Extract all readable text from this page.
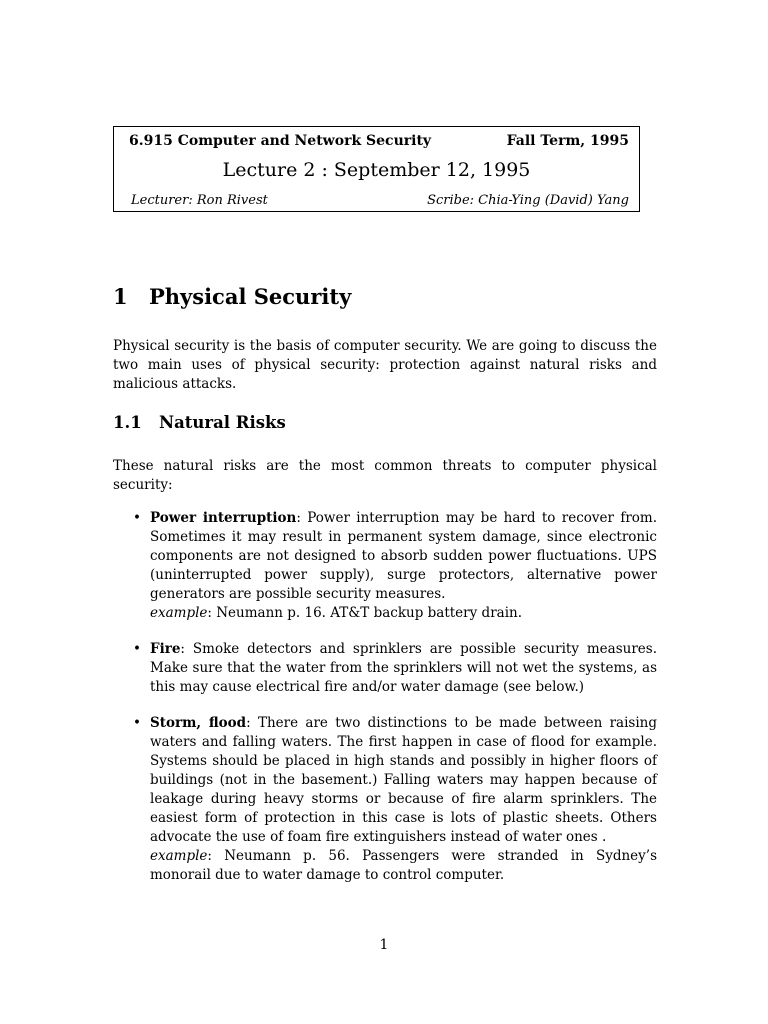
6.915 Computer and Network Security	Fall Term, 1995
Lecture 2 : September 12, 1995
Lecturer: Ron Rivest	Scribe: Chia-Ying (David) Yang
1 Physical Security
Physical security is the basis of computer security. We are going to discuss the two main uses of physical security: protection against natural risks and malicious attacks.
1.1 Natural Risks
These natural risks are the most common threats to computer physical security:
• Power interruption: Power interruption may be hard to recover from. Sometimes it may result in permanent system damage, since electronic components are not designed to absorb sudden power fluctuations. UPS (uninterrupted power supply), surge protectors, alternative power generators are possible security measures.
example: Neumann p. 16. AT&T backup battery drain.
• Fire: Smoke detectors and sprinklers are possible security measures. Make sure that the water from the sprinklers will not wet the systems, as this may cause electrical fire and/or water damage (see below.)
• Storm, flood: There are two distinctions to be made between raising waters and falling waters. The first happen in case of flood for example. Systems should be placed in high stands and possibly in higher floors of buildings (not in the basement.) Falling waters may happen because of leakage during heavy storms or because of fire alarm sprinklers. The easiest form of protection in this case is lots of plastic sheets. Others advocate the use of foam fire extinguishers instead of water ones .
example: Neumann p. 56. Passengers were stranded in Sydney’s monorail due to water damage to control computer.
1
